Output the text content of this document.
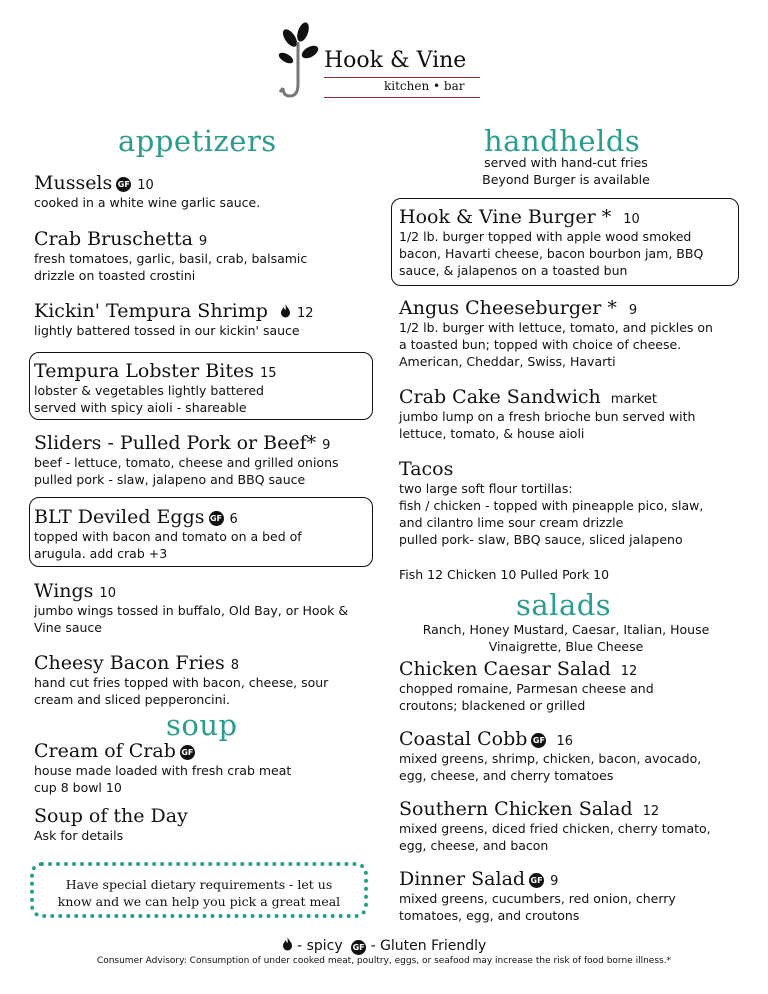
Hook & Vine
kitchen • bar
appetizers
Mussels GF 10
cooked in a white wine garlic sauce.
Crab Bruschetta 9
fresh tomatoes, garlic, basil, crab, balsamic
drizzle on toasted crostini
Kickin' Tempura Shrimp 12
lightly battered tossed in our kickin' sauce
Tempura Lobster Bites 15
lobster & vegetables lightly battered
served with spicy aioli - shareable
Sliders - Pulled Pork or Beef* 9
beef - lettuce, tomato, cheese and grilled onions
pulled pork - slaw, jalapeno and BBQ sauce
BLT Deviled Eggs GF 6
topped with bacon and tomato on a bed of
arugula. add crab +3
Wings 10
jumbo wings tossed in buffalo, Old Bay, or Hook &
Vine sauce
Cheesy Bacon Fries 8
hand cut fries topped with bacon, cheese, sour
cream and sliced pepperoncini.
soup
Cream of Crab GF
house made loaded with fresh crab meat
cup 8 bowl 10
Soup of the Day
Ask for details
Have special dietary requirements - let us
know and we can help you pick a great meal
handhelds
served with hand-cut fries
Beyond Burger is available
Hook & Vine Burger * 10
1/2 lb. burger topped with apple wood smoked
bacon, Havarti cheese, bacon bourbon jam, BBQ
sauce, & jalapenos on a toasted bun
Angus Cheeseburger * 9
1/2 lb. burger with lettuce, tomato, and pickles on
a toasted bun; topped with choice of cheese.
American, Cheddar, Swiss, Havarti
Crab Cake Sandwich market
jumbo lump on a fresh brioche bun served with
lettuce, tomato, & house aioli
Tacos
two large soft flour tortillas:
fish / chicken - topped with pineapple pico, slaw,
and cilantro lime sour cream drizzle
pulled pork- slaw, BBQ sauce, sliced jalapeno
Fish 12 Chicken 10 Pulled Pork 10
salads
Ranch, Honey Mustard, Caesar, Italian, House
Vinaigrette, Blue Cheese
Chicken Caesar Salad 12
chopped romaine, Parmesan cheese and
croutons; blackened or grilled
Coastal Cobb GF 16
mixed greens, shrimp, chicken, bacon, avocado,
egg, cheese, and cherry tomatoes
Southern Chicken Salad 12
mixed greens, diced fried chicken, cherry tomato,
egg, cheese, and bacon
Dinner Salad GF 9
mixed greens, cucumbers, red onion, cherry
tomatoes, egg, and croutons
- spicy GF - Gluten Friendly
Consumer Advisory: Consumption of under cooked meat, poultry, eggs, or seafood may increase the risk of food borne illness.*
